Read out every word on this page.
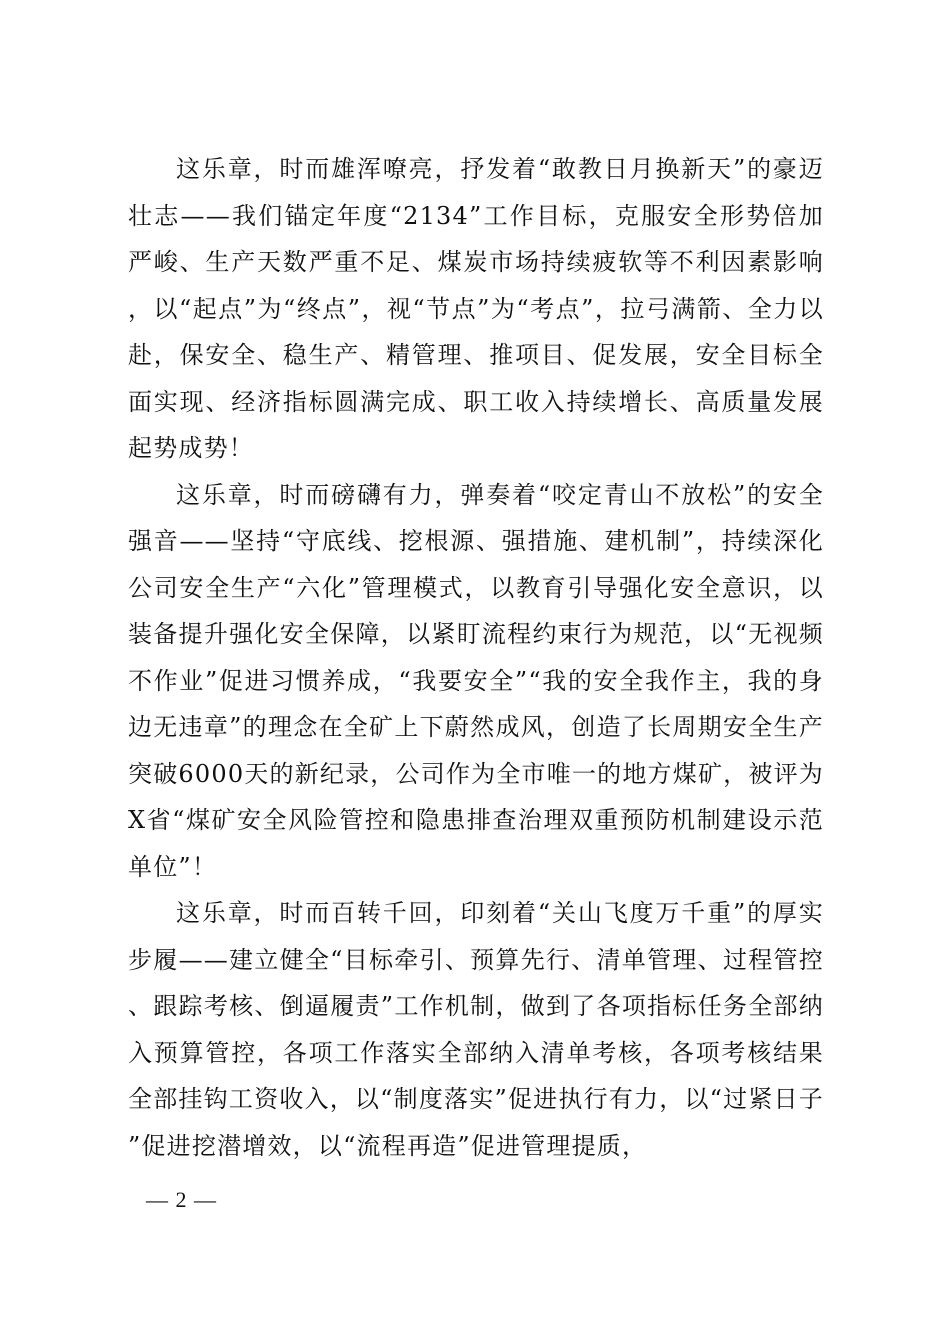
这乐章，时而雄浑嘹亮，抒发着“敢教日月换新天”的豪迈壮志——我们锚定年度“2134”工作目标，克服安全形势倍加严峻、生产天数严重不足、煤炭市场持续疲软等不利因素影响，以“起点”为“终点”，视“节点”为“考点”，拉弓满箭、全力以赴，保安全、稳生产、精管理、推项目、促发展，安全目标全面实现、经济指标圆满完成、职工收入持续增长、高质量发展起势成势！

这乐章，时而磅礴有力，弹奏着“咬定青山不放松”的安全强音——坚持“守底线、挖根源、强措施、建机制”，持续深化公司安全生产“六化”管理模式，以教育引导强化安全意识，以装备提升强化安全保障，以紧盯流程约束行为规范，以“无视频不作业”促进习惯养成，“我要安全”“我的安全我作主，我的身边无违章”的理念在全矿上下蔚然成风，创造了长周期安全生产突破6000天的新纪录，公司作为全市唯一的地方煤矿，被评为X省“煤矿安全风险管控和隐患排查治理双重预防机制建设示范单位”！

这乐章，时而百转千回，印刻着“关山飞度万千重”的厚实步履——建立健全“目标牵引、预算先行、清单管理、过程管控、跟踪考核、倒逼履责”工作机制，做到了各项指标任务全部纳入预算管控，各项工作落实全部纳入清单考核，各项考核结果全部挂钩工资收入，以“制度落实”促进执行有力，以“过紧日子”促进挖潜增效，以“流程再造”促进管理提质，

— 2 —
